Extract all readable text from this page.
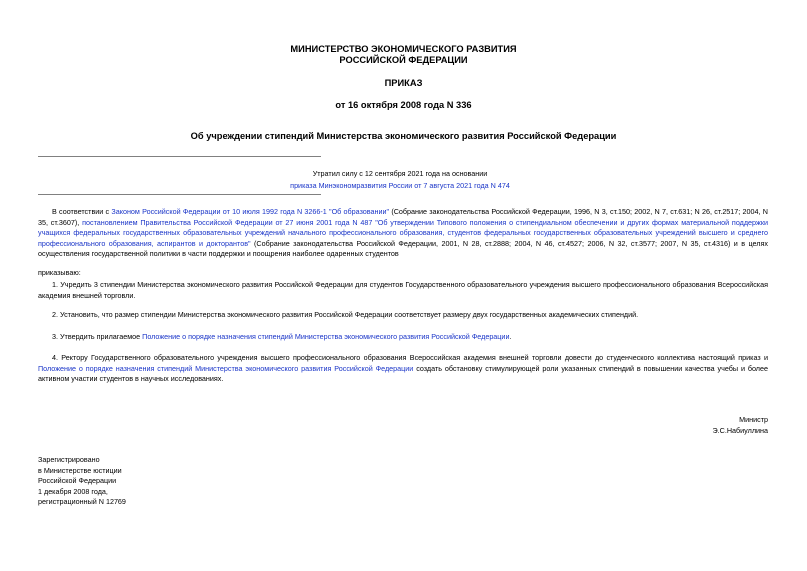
МИНИСТЕРСТВО ЭКОНОМИЧЕСКОГО РАЗВИТИЯ
РОССИЙСКОЙ ФЕДЕРАЦИИ
ПРИКАЗ
от 16 октября 2008 года N 336
Об учреждении стипендий Министерства экономического развития Российской Федерации
Утратил силу с 12 сентября 2021 года на основании
приказа Минэкономразвития России от 7 августа 2021 года N 474
В соответствии с Законом Российской Федерации от 10 июля 1992 года N 3266-1 "Об образовании" (Собрание законодательства Российской Федерации, 1996, N 3, ст.150; 2002, N 7, ст.631; N 26, ст.2517; 2004, N 35, ст.3607), постановлением Правительства Российской Федерации от 27 июня 2001 года N 487 "Об утверждении Типового положения о стипендиальном обеспечении и других формах материальной поддержки учащихся федеральных государственных образовательных учреждений начального профессионального образования, студентов федеральных государственных образовательных учреждений высшего и среднего профессионального образования, аспирантов и докторантов" (Собрание законодательства Российской Федерации, 2001, N 28, ст.2888; 2004, N 46, ст.4527; 2006, N 32, ст.3577; 2007, N 35, ст.4316) и в целях осуществления государственной политики в части поддержки и поощрения наиболее одаренных студентов
приказываю:
1. Учредить 3 стипендии Министерства экономического развития Российской Федерации для студентов Государственного образовательного учреждения высшего профессионального образования Всероссийская академия внешней торговли.
2. Установить, что размер стипендии Министерства экономического развития Российской Федерации соответствует размеру двух государственных академических стипендий.
3. Утвердить прилагаемое Положение о порядке назначения стипендий Министерства экономического развития Российской Федерации.
4. Ректору Государственного образовательного учреждения высшего профессионального образования Всероссийская академия внешней торговли довести до студенческого коллектива настоящий приказ и Положение о порядке назначения стипендий Министерства экономического развития Российской Федерации создать обстановку стимулирующей роли указанных стипендий в повышении качества учебы и более активном участии студентов в научных исследованиях.
Министр
Э.С.Набиуллина
Зарегистрировано
в Министерстве юстиции
Российской Федерации
1 декабря 2008 года,
регистрационный N 12769
